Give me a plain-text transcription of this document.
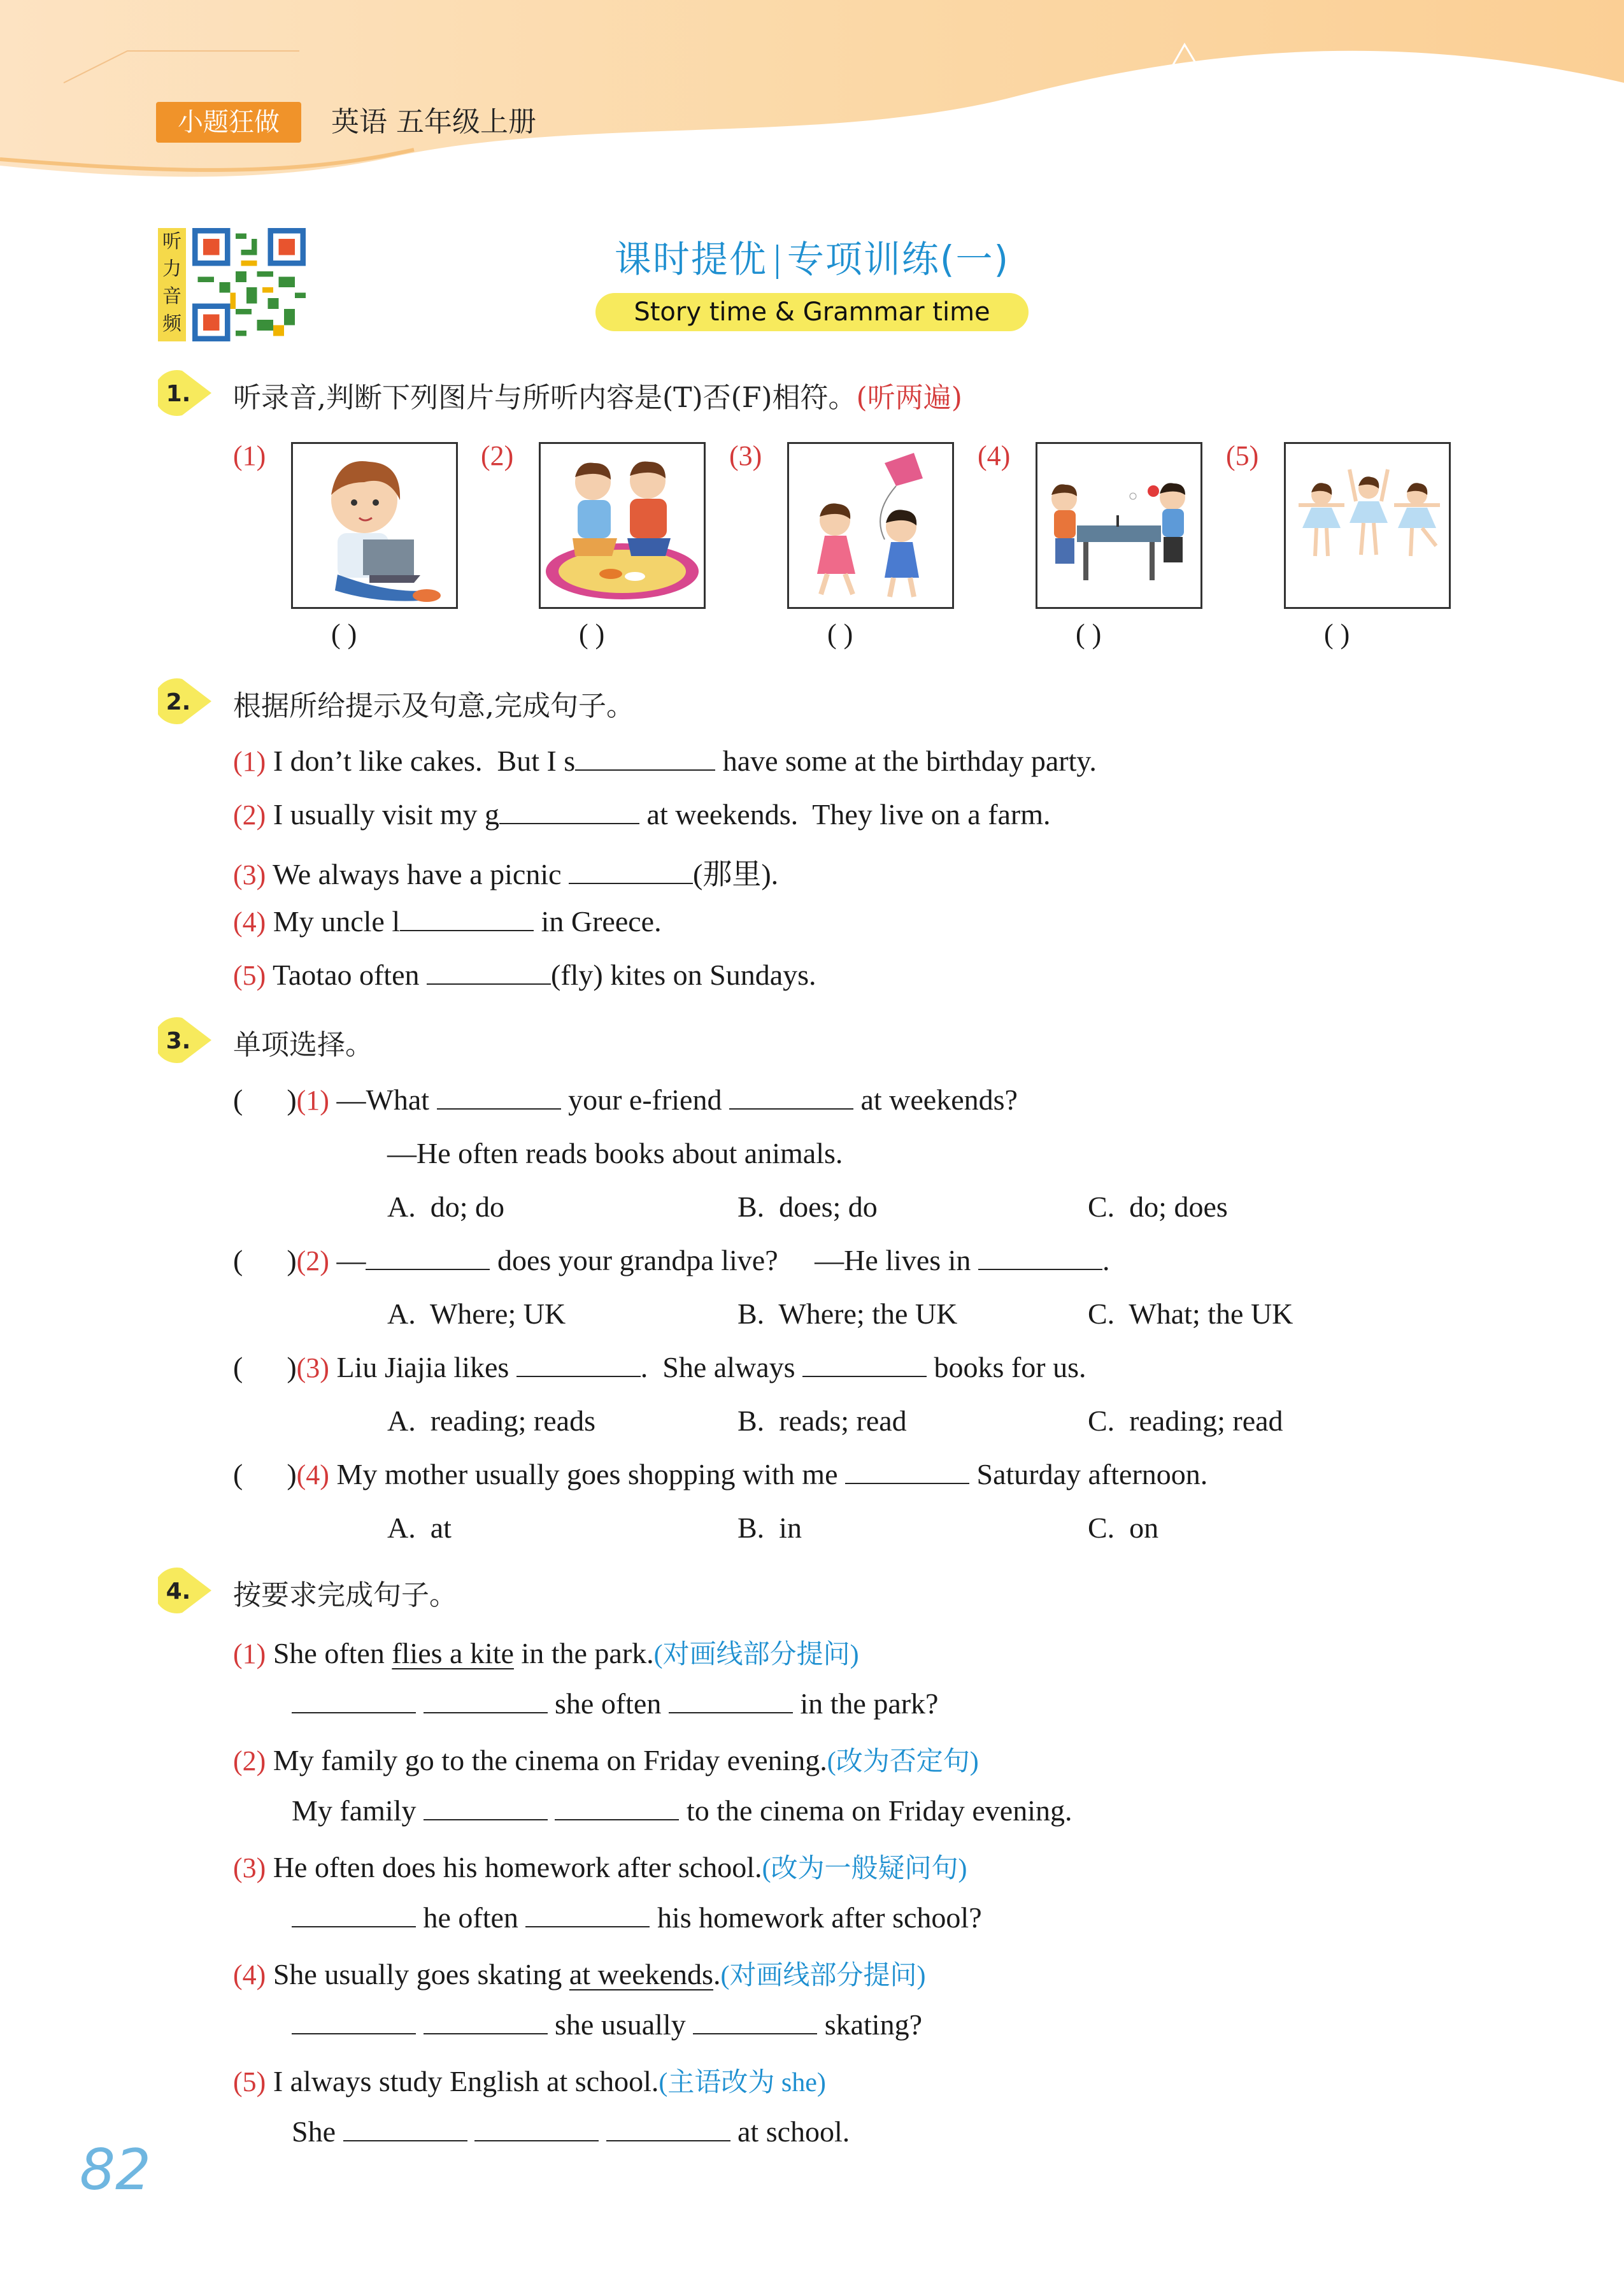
小题狂做	英语 五年级上册
听力音频
课时提优 专项训练(一)
Story time & Grammar time
1. 听录音,判断下列图片与所听内容是(T)否(F)相符。(听两遍)
(1)	(2)	(3)	(4)	(5)
( )	( )	( )	( )	( )
2. 根据所给提示及句意,完成句子。
(1) I don’t like cakes.  But I s	have some at the birthday party.
(2) I usually visit my g	at weekends.  They live on a farm.
(3) We always have a picnic	(那里).
(4) My uncle l	in Greece.
(5) Taotao often	(fly) kites on Sundays.
3. 单项选择。
(      )(1) —What	your e-friend	at weekends?
—He often reads books about animals.
A.  do; do	B.  does; do	C.  do; does
(      )(2) —	does your grandpa live?     —He lives in	.
A.  Where; UK	B.  Where; the UK	C.  What; the UK
(      )(3) Liu Jiajia likes	.  She always	books for us.
A.  reading; reads	B.  reads; read	C.  reading; read
(      )(4) My mother usually goes shopping with me	Saturday afternoon.
A.  at	B.  in	C.  on
4. 按要求完成句子。
(1) She often flies a kite in the park.(对画线部分提问)
she often	in the park?
(2) My family go to the cinema on Friday evening.(改为否定句)
My family	to the cinema on Friday evening.
(3) He often does his homework after school.(改为一般疑问句)
he often	his homework after school?
(4) She usually goes skating at weekends.(对画线部分提问)
she usually	skating?
(5) I always study English at school.(主语改为 she)
She	at school.
82
